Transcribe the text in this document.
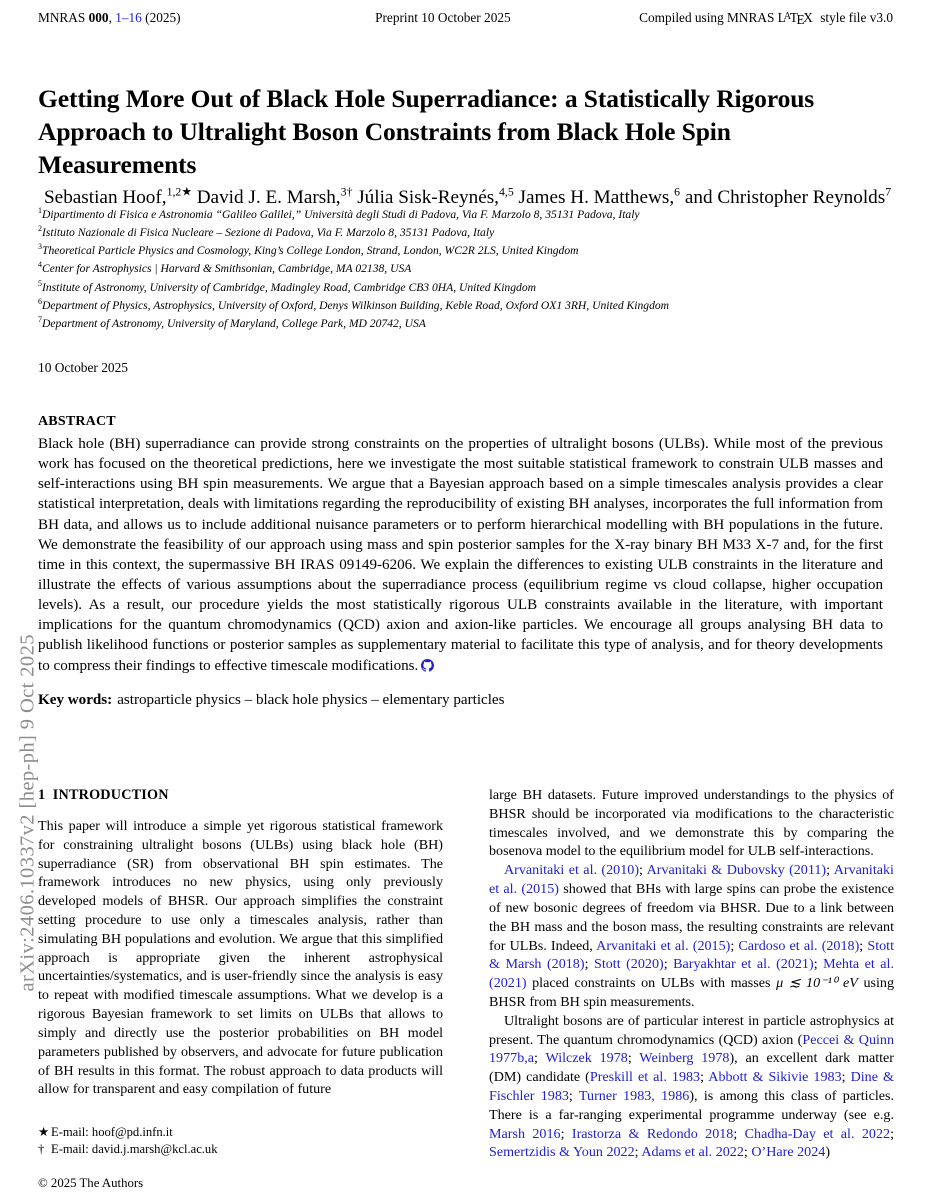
arXiv:2406.10337v2 [hep-ph] 9 Oct 2025
MNRAS 000, 1–16 (2025)	Preprint 10 October 2025	Compiled using MNRAS $L^ATEX$ style file v3.0
Getting More Out of Black Hole Superradiance: a Statistically Rigorous Approach to Ultralight Boson Constraints from Black Hole Spin Measurements
Sebastian Hoof,$^{1,2★}$ David J. E. Marsh,$^{3\dagger}$ Júlia Sisk-Reynés,$^{4,5}$ James H. Matthews,$^6$ and Christopher Reynolds$^7$
$^1$Dipartimento di Fisica e Astronomia “Galileo Galilei,” Università degli Studi di Padova, Via F. Marzolo 8, 35131 Padova, Italy
$^2$Istituto Nazionale di Fisica Nucleare – Sezione di Padova, Via F. Marzolo 8, 35131 Padova, Italy
$^3$Theoretical Particle Physics and Cosmology, King’s College London, Strand, London, WC2R 2LS, United Kingdom
$^4$Center for Astrophysics | Harvard & Smithsonian, Cambridge, MA 02138, USA
$^5$Institute of Astronomy, University of Cambridge, Madingley Road, Cambridge CB3 0HA, United Kingdom
$^6$Department of Physics, Astrophysics, University of Oxford, Denys Wilkinson Building, Keble Road, Oxford OX1 3RH, United Kingdom
$^7$Department of Astronomy, University of Maryland, College Park, MD 20742, USA
10 October 2025
ABSTRACT
Black hole (BH) superradiance can provide strong constraints on the properties of ultralight bosons (ULBs). While most of the previous work has focused on the theoretical predictions, here we investigate the most suitable statistical framework to constrain ULB masses and self-interactions using BH spin measurements. We argue that a Bayesian approach based on a simple timescales analysis provides a clear statistical interpretation, deals with limitations regarding the reproducibility of existing BH analyses, incorporates the full information from BH data, and allows us to include additional nuisance parameters or to perform hierarchical modelling with BH populations in the future. We demonstrate the feasibility of our approach using mass and spin posterior samples for the X-ray binary BH M33 X-7 and, for the first time in this context, the supermassive BH IRAS 09149-6206. We explain the differences to existing ULB constraints in the literature and illustrate the effects of various assumptions about the superradiance process (equilibrium regime vs cloud collapse, higher occupation levels). As a result, our procedure yields the most statistically rigorous ULB constraints available in the literature, with important implications for the quantum chromodynamics (QCD) axion and axion-like particles. We encourage all groups analysing BH data to publish likelihood functions or posterior samples as supplementary material to facilitate this type of analysis, and for theory developments to compress their findings to effective timescale modifications.
Key words: astroparticle physics – black hole physics – elementary particles
1 INTRODUCTION

This paper will introduce a simple yet rigorous statistical framework for constraining ultralight bosons (ULBs) using black hole (BH) superradiance (SR) from observational BH spin estimates. The framework introduces no new physics, using only previously developed models of BHSR. Our approach simplifies the constraint setting procedure to use only a timescales analysis, rather than simulating BH populations and evolution. We argue that this simplified approach is appropriate given the inherent astrophysical uncertainties/systematics, and is user-friendly since the analysis is easy to repeat with modified timescale assumptions. What we develop is a rigorous Bayesian framework to set limits on ULBs that allows to simply and directly use the posterior probabilities on BH model parameters published by observers, and advocate for future publication of BH results in this format. The robust approach to data products will allow for transparent and easy compilation of future

large BH datasets. Future improved understandings to the physics of BHSR should be incorporated via modifications to the characteristic timescales involved, and we demonstrate this by comparing the bosenova model to the equilibrium model for ULB self-interactions.

Arvanitaki et al. (2010); Arvanitaki & Dubovsky (2011); Arvanitaki et al. (2015) showed that BHs with large spins can probe the existence of new bosonic degrees of freedom via BHSR. Due to a link between the BH mass and the boson mass, the resulting constraints are relevant for ULBs. Indeed, Arvanitaki et al. (2015); Cardoso et al. (2018); Stott & Marsh (2018); Stott (2020); Baryakhtar et al. (2021); Mehta et al. (2021) placed constraints on ULBs with masses μ ≲ 10⁻¹⁰ eV using BHSR from BH spin measurements.

Ultralight bosons are of particular interest in particle astrophysics at present. The quantum chromodynamics (QCD) axion (Peccei & Quinn 1977b,a; Wilczek 1978; Weinberg 1978), an excellent dark matter (DM) candidate (Preskill et al. 1983; Abbott & Sikivie 1983; Dine & Fischler 1983; Turner 1983, 1986), is among this class of particles. There is a far-ranging experimental programme underway (see e.g. Marsh 2016; Irastorza & Redondo 2018; Chadha-Day et al. 2022; Semertzidis & Youn 2022; Adams et al. 2022; O’Hare 2024)

★ E-mail: hoof@pd.infn.it
† E-mail: david.j.marsh@kcl.ac.uk
© 2025 The Authors
